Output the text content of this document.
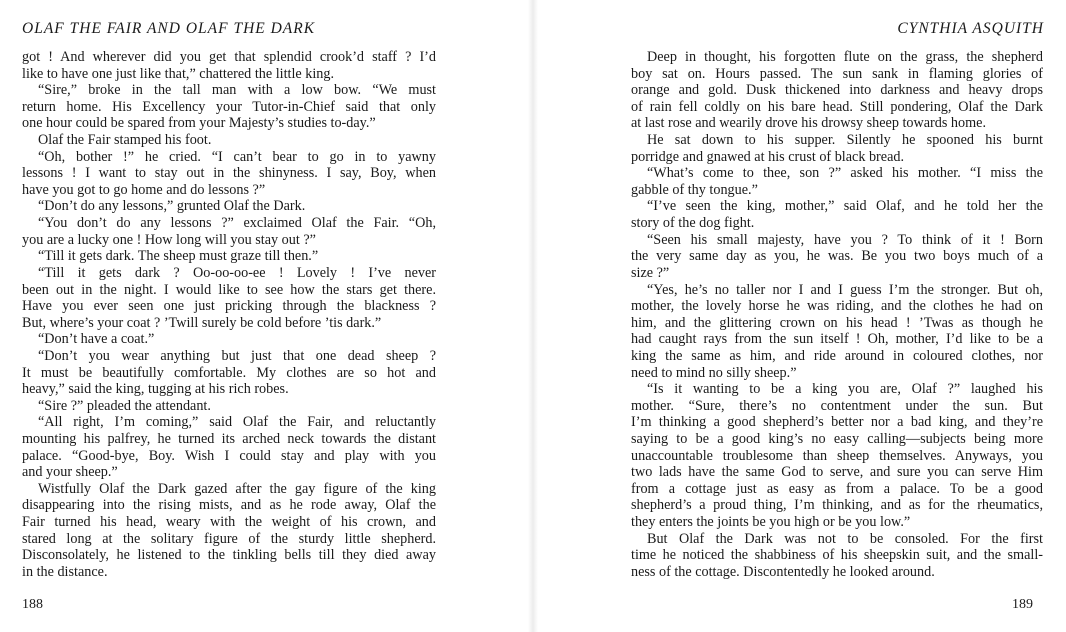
OLAF THE FAIR AND OLAF THE DARK
got ! And wherever did you get that splendid crook’d staff ? I’d
like to have one just like that,” chattered the little king.
“Sire,” broke in the tall man with a low bow. “We must
return home. His Excellency your Tutor-in-Chief said that only
one hour could be spared from your Majesty’s studies to-day.”
Olaf the Fair stamped his foot.
“Oh, bother !” he cried. “I can’t bear to go in to yawny
lessons ! I want to stay out in the shinyness. I say, Boy, when
have you got to go home and do lessons ?”
“Don’t do any lessons,” grunted Olaf the Dark.
“You don’t do any lessons ?” exclaimed Olaf the Fair. “Oh,
you are a lucky one ! How long will you stay out ?”
“Till it gets dark. The sheep must graze till then.”
“Till it gets dark ? Oo-oo-oo-ee ! Lovely ! I’ve never
been out in the night. I would like to see how the stars get there.
Have you ever seen one just pricking through the blackness ?
But, where’s your coat ? ’Twill surely be cold before ’tis dark.”
“Don’t have a coat.”
“Don’t you wear anything but just that one dead sheep ?
It must be beautifully comfortable. My clothes are so hot and
heavy,” said the king, tugging at his rich robes.
“Sire ?” pleaded the attendant.
“All right, I’m coming,” said Olaf the Fair, and reluctantly
mounting his palfrey, he turned its arched neck towards the distant
palace. “Good-bye, Boy. Wish I could stay and play with you
and your sheep.”
Wistfully Olaf the Dark gazed after the gay figure of the king
disappearing into the rising mists, and as he rode away, Olaf the
Fair turned his head, weary with the weight of his crown, and
stared long at the solitary figure of the sturdy little shepherd.
Disconsolately, he listened to the tinkling bells till they died away
in the distance.
188
CYNTHIA ASQUITH
Deep in thought, his forgotten flute on the grass, the shepherd
boy sat on. Hours passed. The sun sank in flaming glories of
orange and gold. Dusk thickened into darkness and heavy drops
of rain fell coldly on his bare head. Still pondering, Olaf the Dark
at last rose and wearily drove his drowsy sheep towards home.
He sat down to his supper. Silently he spooned his burnt
porridge and gnawed at his crust of black bread.
“What’s come to thee, son ?” asked his mother. “I miss the
gabble of thy tongue.”
“I’ve seen the king, mother,” said Olaf, and he told her the
story of the dog fight.
“Seen his small majesty, have you ? To think of it ! Born
the very same day as you, he was. Be you two boys much of a
size ?”
“Yes, he’s no taller nor I and I guess I’m the stronger. But oh,
mother, the lovely horse he was riding, and the clothes he had on
him, and the glittering crown on his head ! ’Twas as though he
had caught rays from the sun itself ! Oh, mother, I’d like to be a
king the same as him, and ride around in coloured clothes, nor
need to mind no silly sheep.”
“Is it wanting to be a king you are, Olaf ?” laughed his
mother. “Sure, there’s no contentment under the sun. But
I’m thinking a good shepherd’s better nor a bad king, and they’re
saying to be a good king’s no easy calling—subjects being more
unaccountable troublesome than sheep themselves. Anyways, you
two lads have the same God to serve, and sure you can serve Him
from a cottage just as easy as from a palace. To be a good
shepherd’s a proud thing, I’m thinking, and as for the rheumatics,
they enters the joints be you high or be you low.”
But Olaf the Dark was not to be consoled. For the first
time he noticed the shabbiness of his sheepskin suit, and the small-
ness of the cottage. Discontentedly he looked around.
189
